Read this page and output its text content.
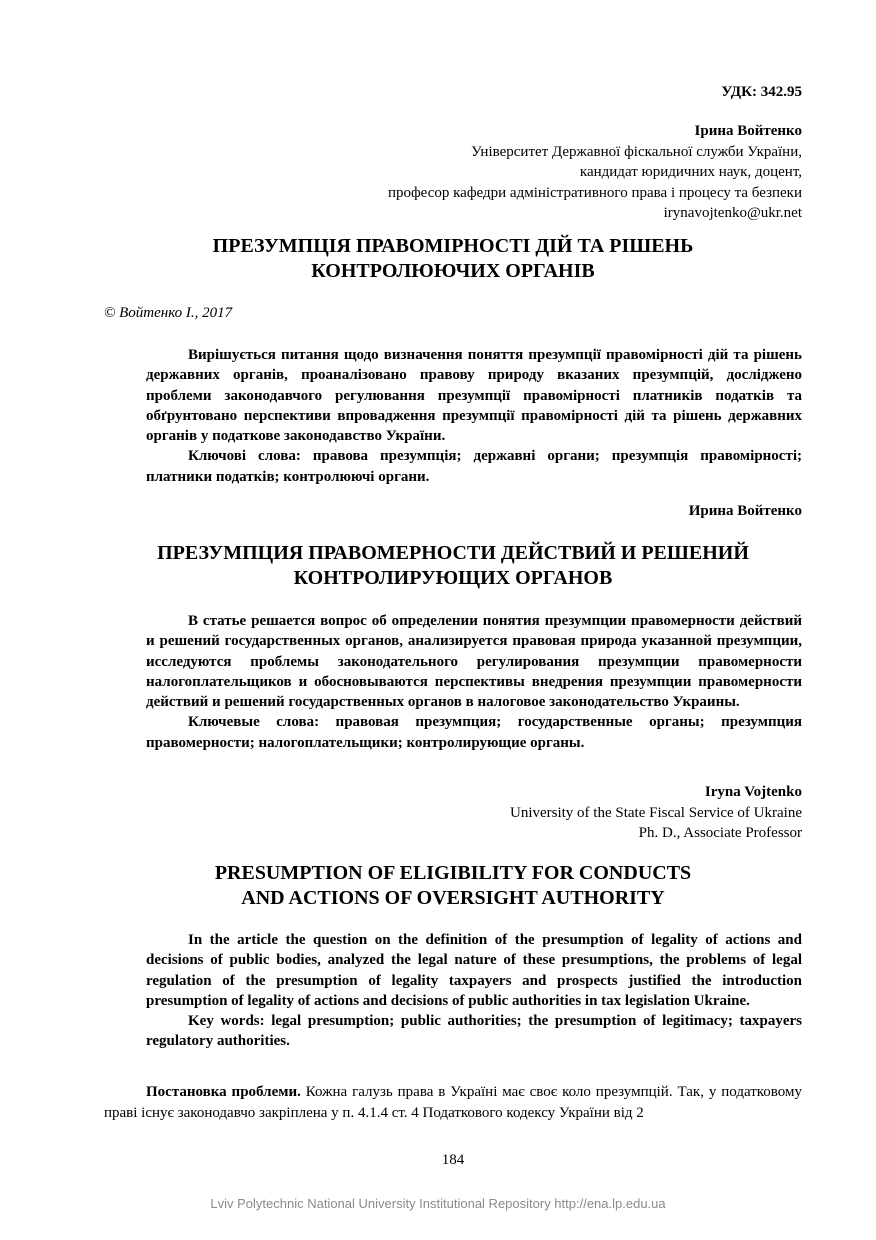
УДК: 342.95
Ірина Войтенко
Університет Державної фіскальної служби України,
кандидат юридичних наук, доцент,
професор кафедри адміністративного права і процесу та безпеки
irynavojtenko@ukr.net
ПРЕЗУМПЦІЯ ПРАВОМІРНОСТІ ДІЙ ТА РІШЕНЬ
КОНТРОЛЮЮЧИХ ОРГАНІВ
© Войтенко І., 2017

Вирішується питання щодо визначення поняття презумпції правомірності дій та рішень державних органів, проаналізовано правову природу вказаних презумпцій, досліджено проблеми законодавчого регулювання презумпції правомірності платників податків та обґрунтовано перспективи впровадження презумпції правомірності дій та рішень державних органів у податкове законодавство України.

Ключові слова: правова презумпція; державні органи; презумпція правомірності; платники податків; контролюючі органи.

Ирина Войтенко
ПРЕЗУМПЦИЯ ПРАВОМЕРНОСТИ ДЕЙСТВИЙ И РЕШЕНИЙ
КОНТРОЛИРУЮЩИХ ОРГАНОВ

В статье решается вопрос об определении понятия презумпции правомерности действий и решений государственных органов, анализируется правовая природа указанной презумпции, исследуются проблемы законодательного регулирования презумпции правомерности налогоплательщиков и обосновываются перспективы внедрения презумпции правомерности действий и решений государственных органов в налоговое законодательство Украины.

Ключевые слова: правовая презумпция; государственные органы; презумпция правомерности; налогоплательщики; контролирующие органы.

Iryna Vojtenko
University of the State Fiscal Service of Ukraine
Ph. D., Associate Professor
PRESUMPTION OF ELIGIBILITY FOR CONDUCTS
AND ACTIONS OF OVERSIGHT AUTHORITY

In the article the question on the definition of the presumption of legality of actions and decisions of public bodies, analyzed the legal nature of these presumptions, the problems of legal regulation of the presumption of legality taxpayers and prospects justified the introduction presumption of legality of actions and decisions of public authorities in tax legislation Ukraine.

Key words: legal presumption; public authorities; the presumption of legitimacy; taxpayers regulatory authorities.

Постановка проблеми. Кожна галузь права в Україні має своє коло презумпцій. Так, у податковому праві існує законодавчо закріплена у п. 4.1.4 ст. 4 Податкового кодексу України від 2

184
Lviv Polytechnic National University Institutional Repository http://ena.lp.edu.ua
